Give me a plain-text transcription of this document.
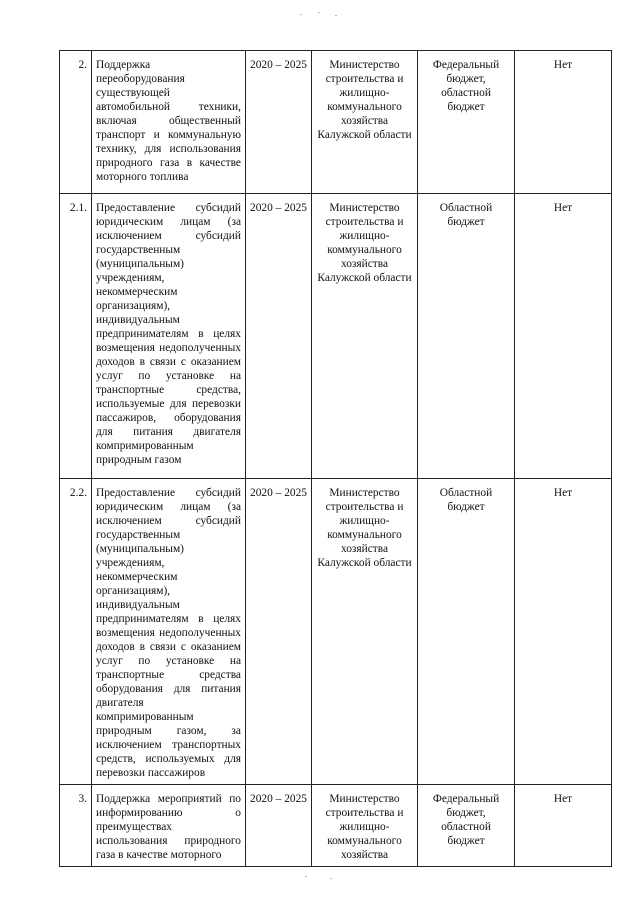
2.	Поддержка переоборудования существующей автомобильной техники, включая общественный транспорт и коммунальную технику, для использования природного газа в качестве моторного топлива	2020 – 2025	Министерство строительства и жилищно-коммунального хозяйства Калужской области	Федеральный бюджет, областной бюджет	Нет
2.1.	Предоставление субсидий юридическим лицам (за исключением субсидий государственным (муниципальным) учреждениям, некоммерческим организациям), индивидуальным предпринимателям в целях возмещения недополученных доходов в связи с оказанием услуг по установке на транспортные средства, используемые для перевозки пассажиров, оборудования для питания двигателя компримированным природным газом	2020 – 2025	Министерство строительства и жилищно-коммунального хозяйства Калужской области	Областной бюджет	Нет
2.2.	Предоставление субсидий юридическим лицам (за исключением субсидий государственным (муниципальным) учреждениям, некоммерческим организациям), индивидуальным предпринимателям в целях возмещения недополученных доходов в связи с оказанием услуг по установке на транспортные средства оборудования для питания двигателя компримированным природным газом, за исключением транспортных средств, используемых для перевозки пассажиров	2020 – 2025	Министерство строительства и жилищно-коммунального хозяйства Калужской области	Областной бюджет	Нет
3.	Поддержка мероприятий по информированию о преимуществах использования природного газа в качестве моторного	2020 – 2025	Министерство строительства и жилищно-коммунального хозяйства	Федеральный бюджет, областной бюджет	Нет
